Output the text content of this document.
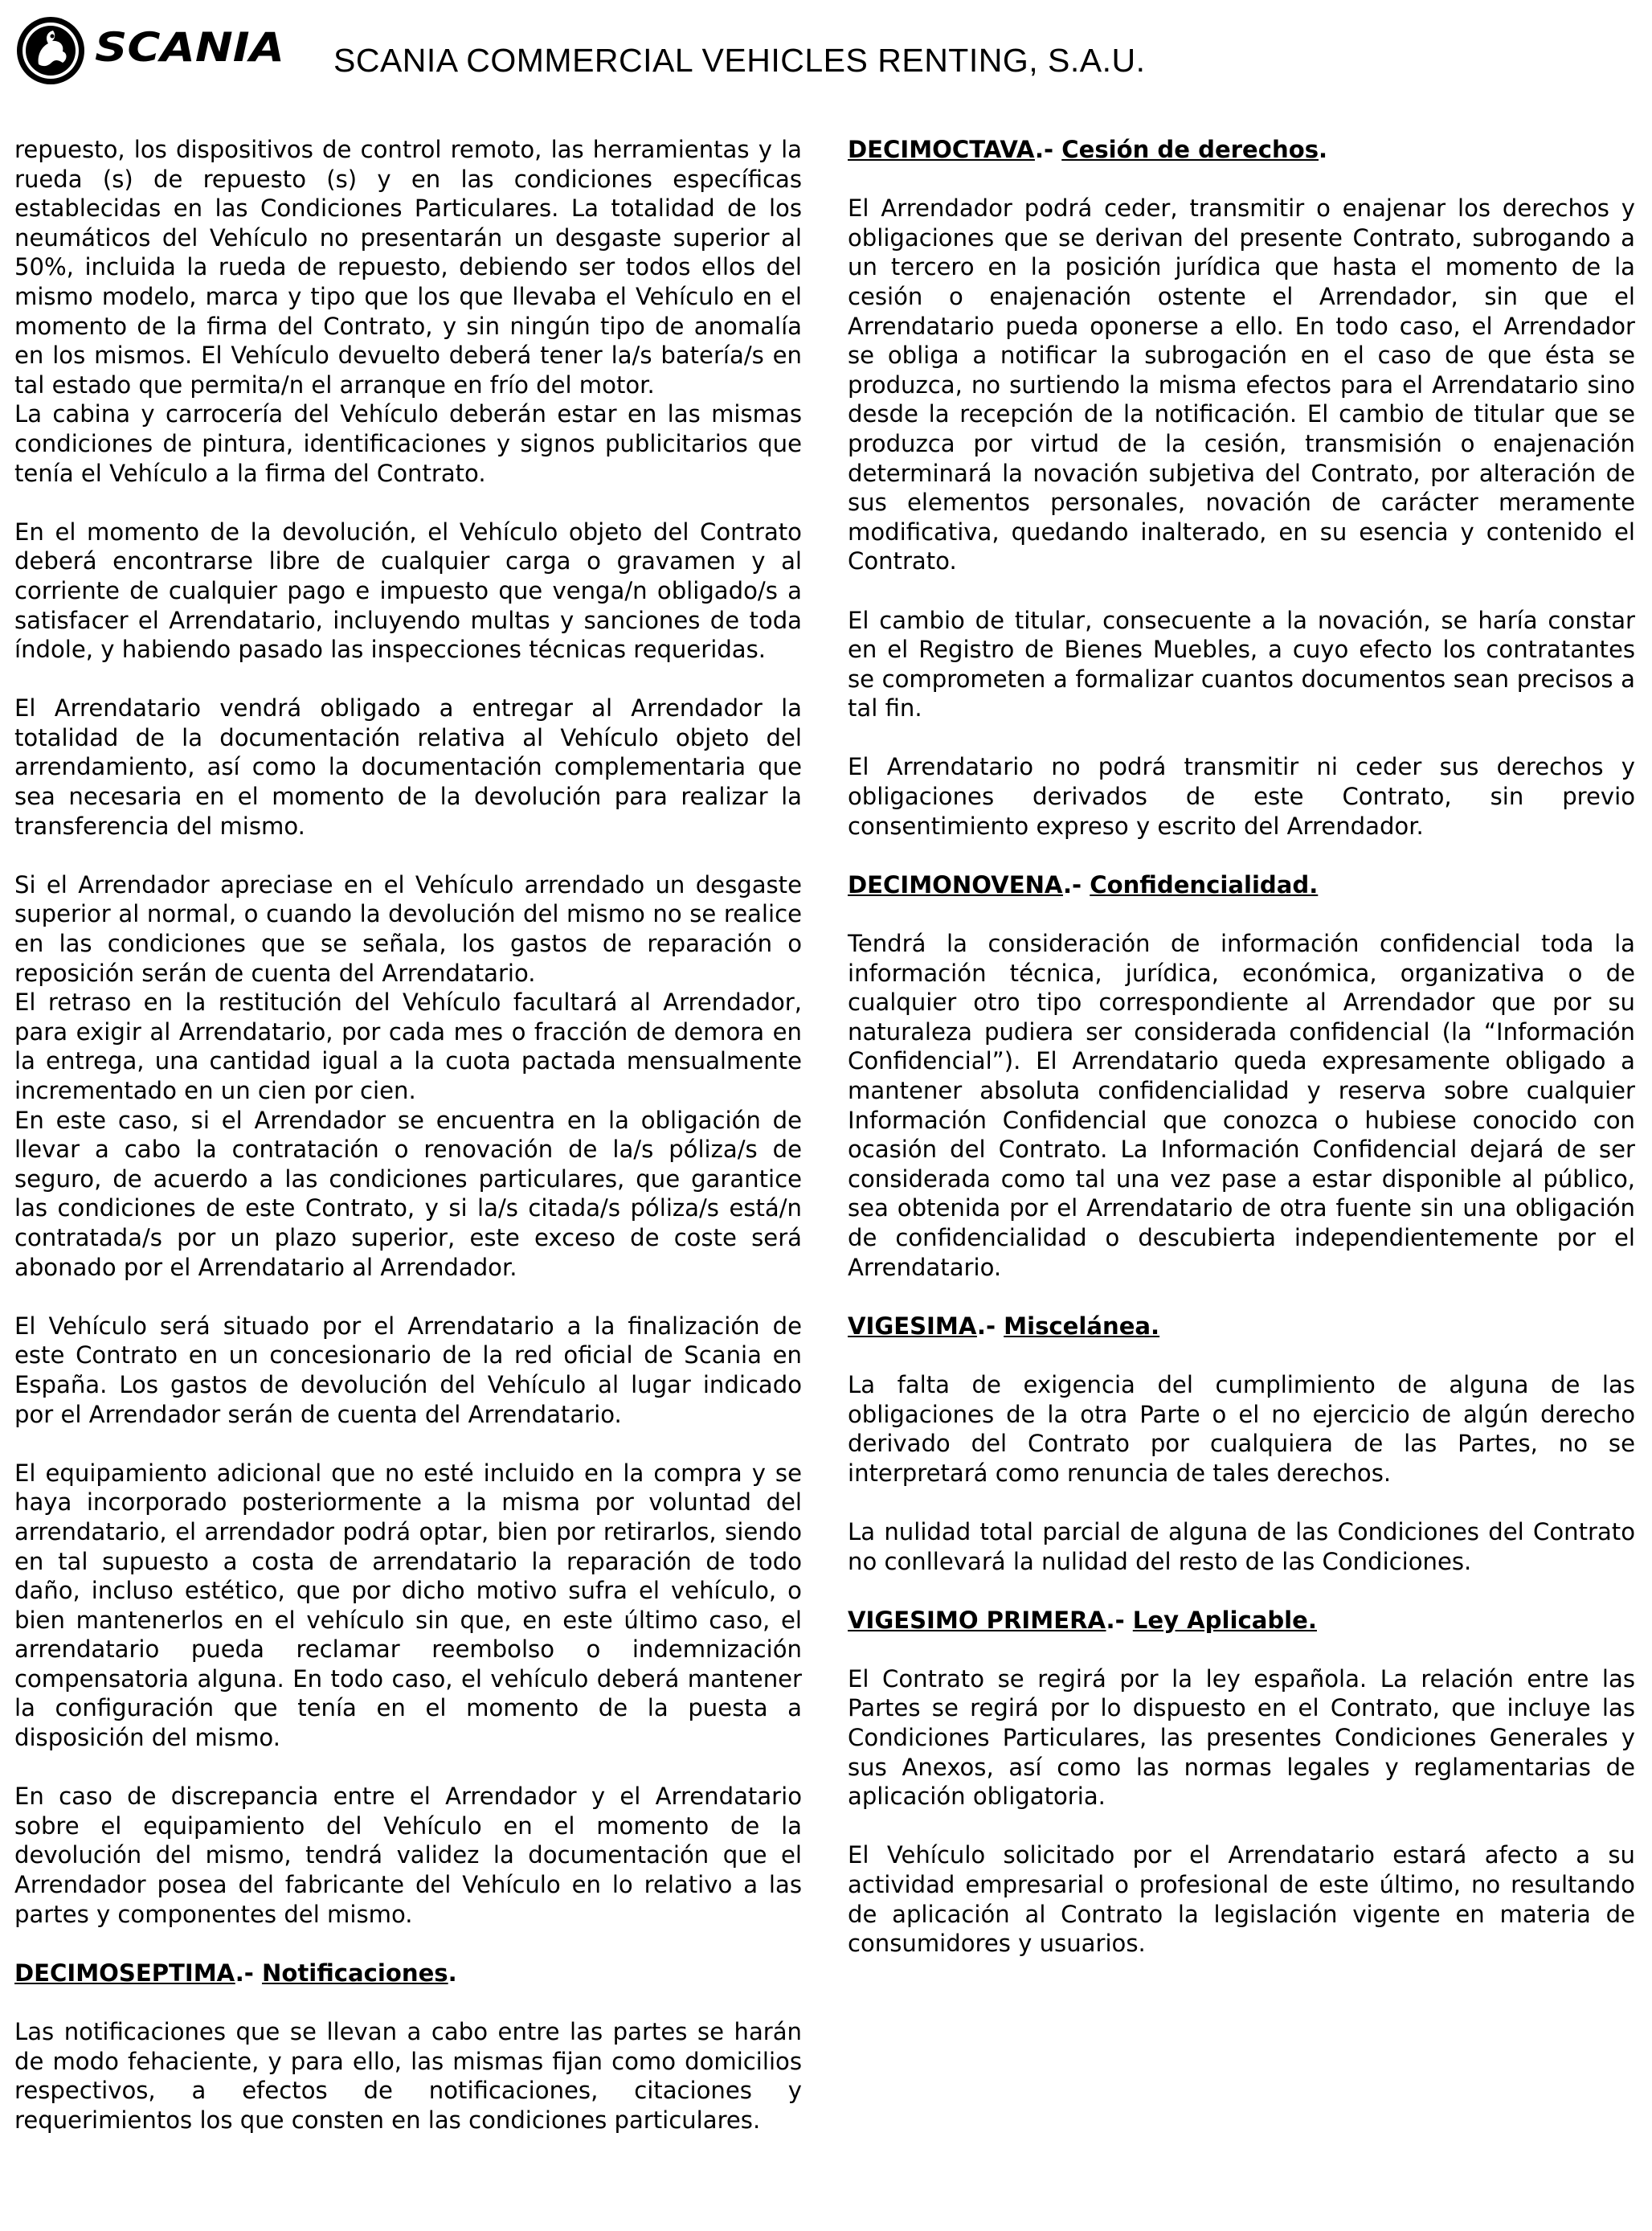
SCANIA SCANIA COMMERCIAL VEHICLES RENTING, S.A.U.

repuesto, los dispositivos de control remoto, las herramientas y la rueda (s) de repuesto (s) y en las condiciones específicas establecidas en las Condiciones Particulares. La totalidad de los neumáticos del Vehículo no presentarán un desgaste superior al 50%, incluida la rueda de repuesto, debiendo ser todos ellos del mismo modelo, marca y tipo que los que llevaba el Vehículo en el momento de la firma del Contrato, y sin ningún tipo de anomalía en los mismos. El Vehículo devuelto deberá tener la/s batería/s en tal estado que permita/n el arranque en frío del motor.

La cabina y carrocería del Vehículo deberán estar en las mismas condiciones de pintura, identificaciones y signos publicitarios que tenía el Vehículo a la firma del Contrato.

En el momento de la devolución, el Vehículo objeto del Contrato deberá encontrarse libre de cualquier carga o gravamen y al corriente de cualquier pago e impuesto que venga/n obligado/s a satisfacer el Arrendatario, incluyendo multas y sanciones de toda índole, y habiendo pasado las inspecciones técnicas requeridas.

El Arrendatario vendrá obligado a entregar al Arrendador la totalidad de la documentación relativa al Vehículo objeto del arrendamiento, así como la documentación complementaria que sea necesaria en el momento de la devolución para realizar la transferencia del mismo.

Si el Arrendador apreciase en el Vehículo arrendado un desgaste superior al normal, o cuando la devolución del mismo no se realice en las condiciones que se señala, los gastos de reparación o reposición serán de cuenta del Arrendatario.

El retraso en la restitución del Vehículo facultará al Arrendador, para exigir al Arrendatario, por cada mes o fracción de demora en la entrega, una cantidad igual a la cuota pactada mensualmente incrementado en un cien por cien.

En este caso, si el Arrendador se encuentra en la obligación de llevar a cabo la contratación o renovación de la/s póliza/s de seguro, de acuerdo a las condiciones particulares, que garantice las condiciones de este Contrato, y si la/s citada/s póliza/s está/n contratada/s por un plazo superior, este exceso de coste será abonado por el Arrendatario al Arrendador.

El Vehículo será situado por el Arrendatario a la finalización de este Contrato en un concesionario de la red oficial de Scania en España. Los gastos de devolución del Vehículo al lugar indicado por el Arrendador serán de cuenta del Arrendatario.

El equipamiento adicional que no esté incluido en la compra y se haya incorporado posteriormente a la misma por voluntad del arrendatario, el arrendador podrá optar, bien por retirarlos, siendo en tal supuesto a costa de arrendatario la reparación de todo daño, incluso estético, que por dicho motivo sufra el vehículo, o bien mantenerlos en el vehículo sin que, en este último caso, el arrendatario pueda reclamar reembolso o indemnización compensatoria alguna. En todo caso, el vehículo deberá mantener la configuración que tenía en el momento de la puesta a disposición del mismo.

En caso de discrepancia entre el Arrendador y el Arrendatario sobre el equipamiento del Vehículo en el momento de la devolución del mismo, tendrá validez la documentación que el Arrendador posea del fabricante del Vehículo en lo relativo a las partes y componentes del mismo.

DECIMOSEPTIMA.- Notificaciones.

Las notificaciones que se llevan a cabo entre las partes se harán de modo fehaciente, y para ello, las mismas fijan como domicilios respectivos, a efectos de notificaciones, citaciones y requerimientos los que consten en las condiciones particulares.

DECIMOCTAVA.- Cesión de derechos.

El Arrendador podrá ceder, transmitir o enajenar los derechos y obligaciones que se derivan del presente Contrato, subrogando a un tercero en la posición jurídica que hasta el momento de la cesión o enajenación ostente el Arrendador, sin que el Arrendatario pueda oponerse a ello. En todo caso, el Arrendador se obliga a notificar la subrogación en el caso de que ésta se produzca, no surtiendo la misma efectos para el Arrendatario sino desde la recepción de la notificación. El cambio de titular que se produzca por virtud de la cesión, transmisión o enajenación determinará la novación subjetiva del Contrato, por alteración de sus elementos personales, novación de carácter meramente modificativa, quedando inalterado, en su esencia y contenido el Contrato.

El cambio de titular, consecuente a la novación, se haría constar en el Registro de Bienes Muebles, a cuyo efecto los contratantes se comprometen a formalizar cuantos documentos sean precisos a tal fin.

El Arrendatario no podrá transmitir ni ceder sus derechos y obligaciones derivados de este Contrato, sin previo consentimiento expreso y escrito del Arrendador.

DECIMONOVENA.- Confidencialidad.

Tendrá la consideración de información confidencial toda la información técnica, jurídica, económica, organizativa o de cualquier otro tipo correspondiente al Arrendador que por su naturaleza pudiera ser considerada confidencial (la “Información Confidencial”). El Arrendatario queda expresamente obligado a mantener absoluta confidencialidad y reserva sobre cualquier Información Confidencial que conozca o hubiese conocido con ocasión del Contrato. La Información Confidencial dejará de ser considerada como tal una vez pase a estar disponible al público, sea obtenida por el Arrendatario de otra fuente sin una obligación de confidencialidad o descubierta independientemente por el Arrendatario.

VIGESIMA.- Miscelánea.

La falta de exigencia del cumplimiento de alguna de las obligaciones de la otra Parte o el no ejercicio de algún derecho derivado del Contrato por cualquiera de las Partes, no se interpretará como renuncia de tales derechos.

La nulidad total parcial de alguna de las Condiciones del Contrato no conllevará la nulidad del resto de las Condiciones.

VIGESIMO PRIMERA.- Ley Aplicable.

El Contrato se regirá por la ley española. La relación entre las Partes se regirá por lo dispuesto en el Contrato, que incluye las Condiciones Particulares, las presentes Condiciones Generales y sus Anexos, así como las normas legales y reglamentarias de aplicación obligatoria.

El Vehículo solicitado por el Arrendatario estará afecto a su actividad empresarial o profesional de este último, no resultando de aplicación al Contrato la legislación vigente en materia de consumidores y usuarios.
